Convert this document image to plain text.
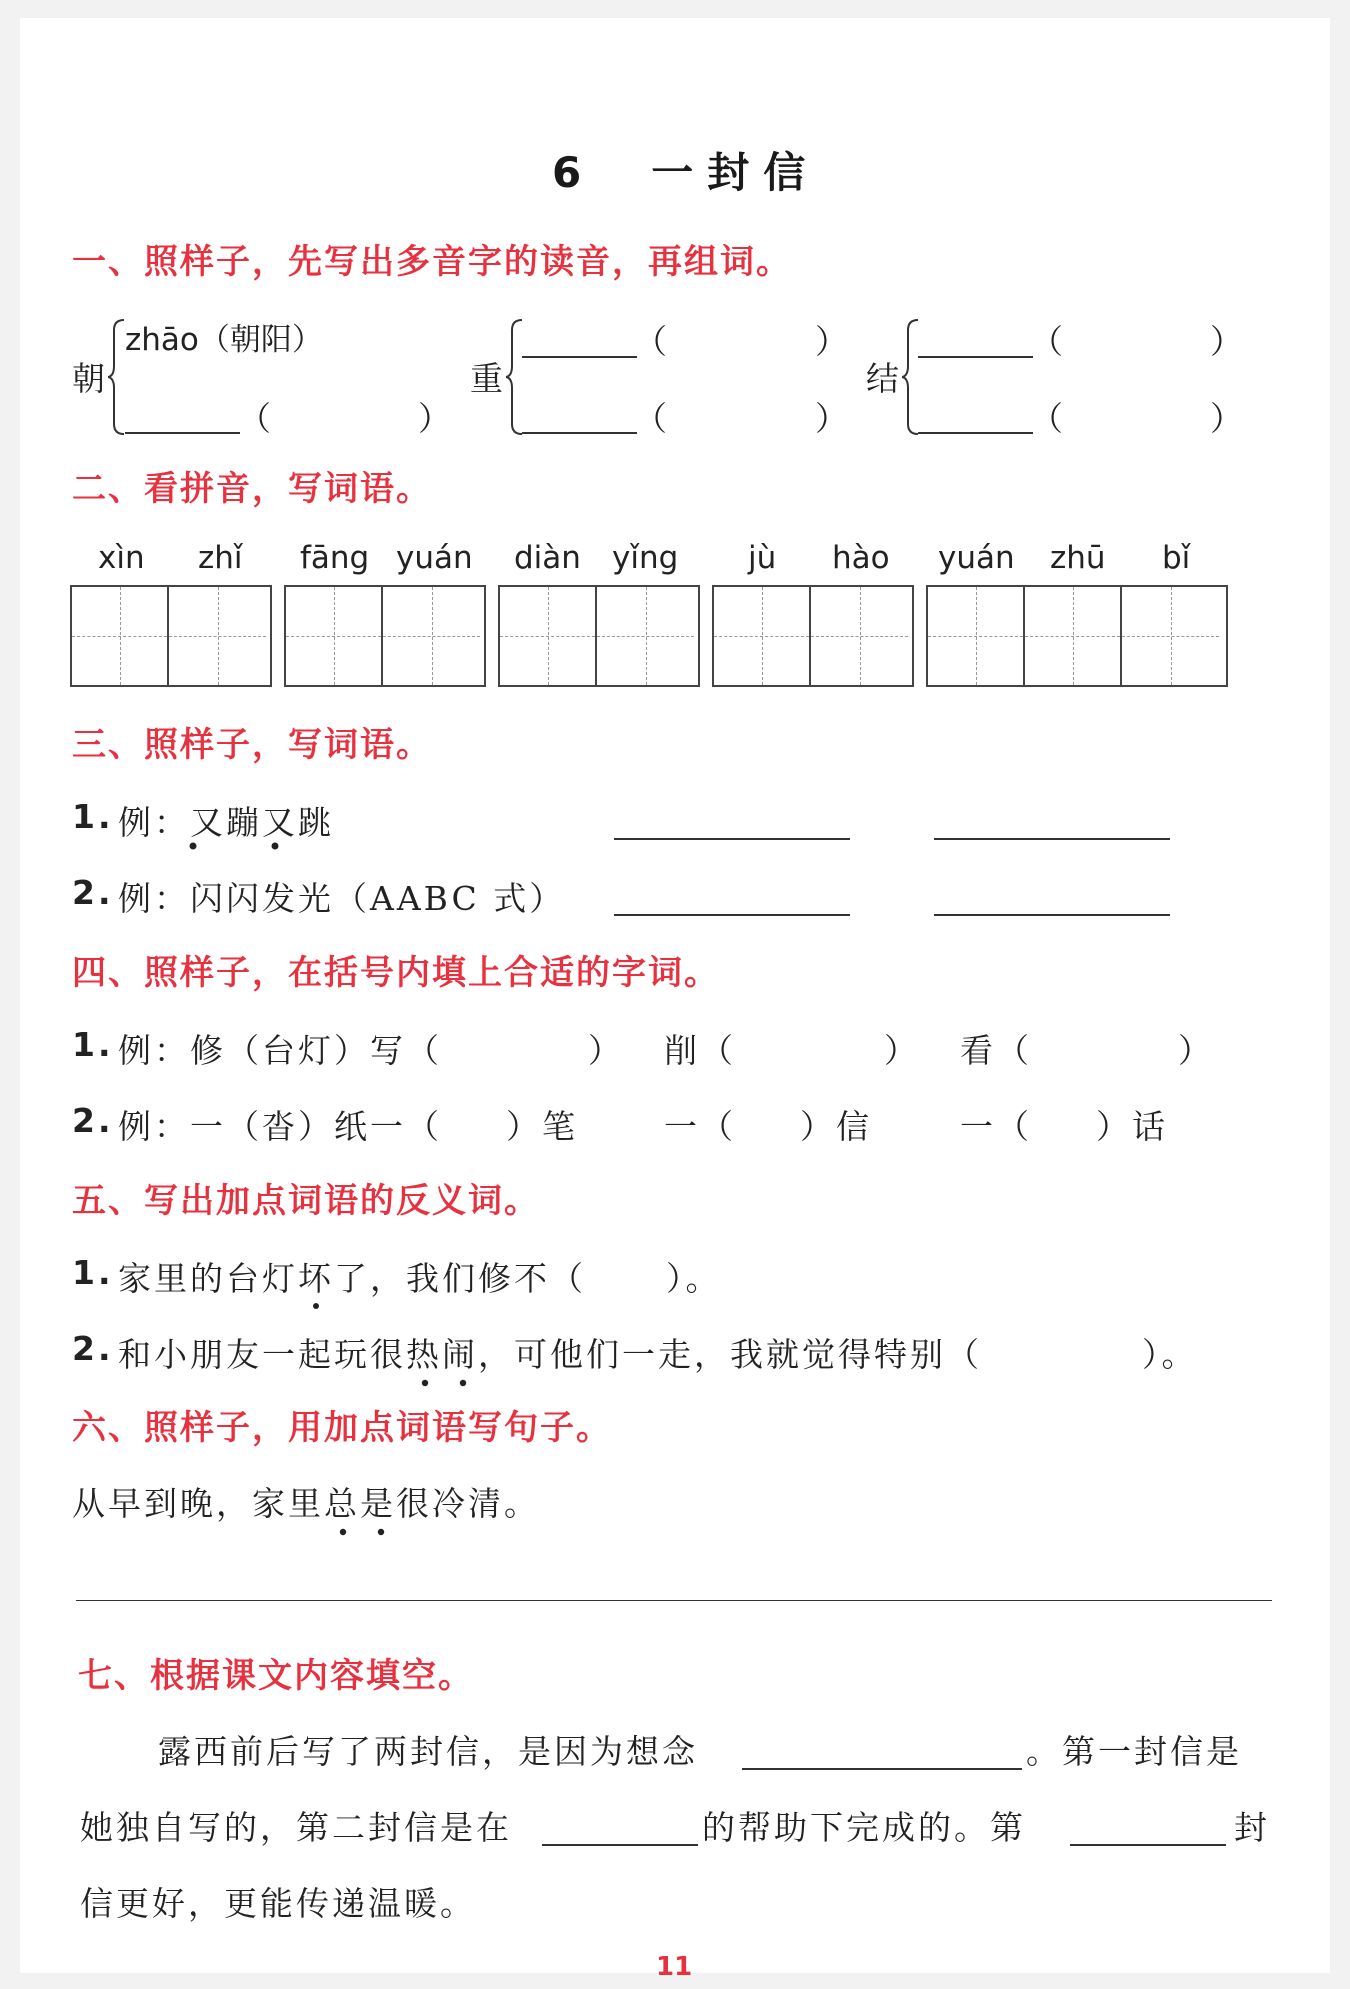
6　一封信
一、照样子，先写出多音字的读音，再组词。
朝
zhāo（朝阳）
（	）
重
（	）
（	）
结
（	）
（	）
二、看拼音，写词语。
xìn zhǐ fāng yuán diàn yǐng jù hào yuán zhū bǐ
三、照样子，写词语。
1. 例：又蹦又跳
2. 例：闪闪发光（AABC 式）
四、照样子，在括号内填上合适的字词。
1. 例：修（台灯） 写（	） 削（	） 看（	）
2. 例：一（沓）纸 一（ ）笔	一（ ）信	一（ ）话
五、写出加点词语的反义词。
1. 家里的台灯坏了，我们修不（ ）。
2. 和小朋友一起玩很热闹
，可他们一走，我就觉得特别（	）。
六、照样子，用加点词语写句子。
从早到晚，家里总是
很冷清。
七、根据课文内容填空。
露西前后写了两封信，是因为想念	。第一封信是
她独自写的，第二封信是在	的帮助下完成的。第	封
信更好，更能传递温暖。
11
